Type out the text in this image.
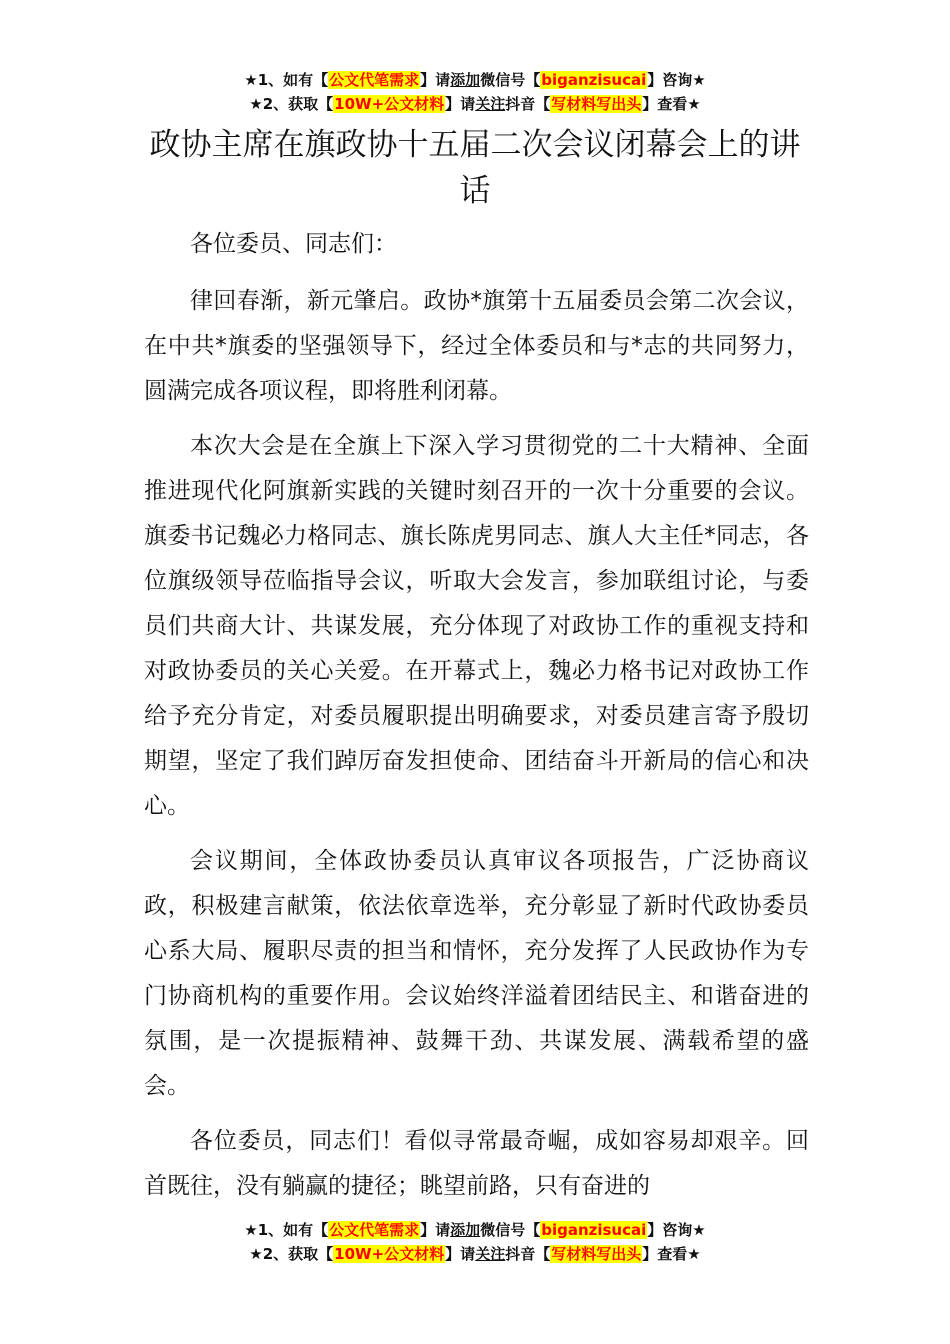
★1、如有【公文代笔需求】请添加微信号【biganzisucai】咨询★
★2、获取【10W+公文材料】请关注抖音【写材料写出头】查看★
政协主席在旗政协十五届二次会议闭幕会上的讲话

各位委员、同志们：

律回春渐，新元肇启。政协*旗第十五届委员会第二次会议，在中共*旗委的坚强领导下，经过全体委员和与*志的共同努力，圆满完成各项议程，即将胜利闭幕。

本次大会是在全旗上下深入学习贯彻党的二十大精神、全面推进现代化阿旗新实践的关键时刻召开的一次十分重要的会议。旗委书记魏必力格同志、旗长陈虎男同志、旗人大主任*同志，各位旗级领导莅临指导会议，听取大会发言，参加联组讨论，与委员们共商大计、共谋发展，充分体现了对政协工作的重视支持和对政协委员的关心关爱。在开幕式上，魏必力格书记对政协工作给予充分肯定，对委员履职提出明确要求，对委员建言寄予殷切期望，坚定了我们踔厉奋发担使命、团结奋斗开新局的信心和决心。

会议期间，全体政协委员认真审议各项报告，广泛协商议政，积极建言献策，依法依章选举，充分彰显了新时代政协委员心系大局、履职尽责的担当和情怀，充分发挥了人民政协作为专门协商机构的重要作用。会议始终洋溢着团结民主、和谐奋进的氛围，是一次提振精神、鼓舞干劲、共谋发展、满载希望的盛会。

各位委员，同志们！看似寻常最奇崛，成如容易却艰辛。回首既往，没有躺赢的捷径；眺望前路，只有奋进的

★1、如有【公文代笔需求】请添加微信号【biganzisucai】咨询★
★2、获取【10W+公文材料】请关注抖音【写材料写出头】查看★
